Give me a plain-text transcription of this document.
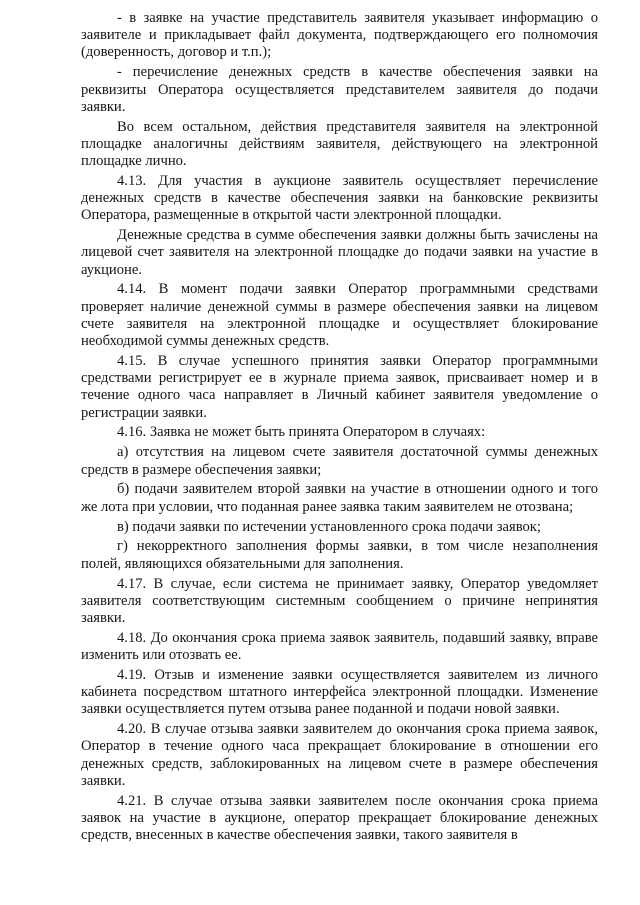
- в заявке на участие представитель заявителя указывает информацию о заявителе и прикладывает файл документа, подтверждающего его полномочия (доверенность, договор и т.п.);

- перечисление денежных средств в качестве обеспечения заявки на реквизиты Оператора осуществляется представителем заявителя до подачи заявки.

Во всем остальном, действия представителя заявителя на электронной площадке аналогичны действиям заявителя, действующего на электронной площадке лично.

4.13. Для участия в аукционе заявитель осуществляет перечисление денежных средств в качестве обеспечения заявки на банковские реквизиты Оператора, размещенные в открытой части электронной площадки.

Денежные средства в сумме обеспечения заявки должны быть зачислены на лицевой счет заявителя на электронной площадке до подачи заявки на участие в аукционе.

4.14. В момент подачи заявки Оператор программными средствами проверяет наличие денежной суммы в размере обеспечения заявки на лицевом счете заявителя на электронной площадке и осуществляет блокирование необходимой суммы денежных средств.

4.15. В случае успешного принятия заявки Оператор программными средствами регистрирует ее в журнале приема заявок, присваивает номер и в течение одного часа направляет в Личный кабинет заявителя уведомление о регистрации заявки.

4.16. Заявка не может быть принята Оператором в случаях:

а) отсутствия на лицевом счете заявителя достаточной суммы денежных средств в размере обеспечения заявки;

б) подачи заявителем второй заявки на участие в отношении одного и того же лота при условии, что поданная ранее заявка таким заявителем не отозвана;

в) подачи заявки по истечении установленного срока подачи заявок;

г) некорректного заполнения формы заявки, в том числе незаполнения полей, являющихся обязательными для заполнения.

4.17. В случае, если система не принимает заявку, Оператор уведомляет заявителя соответствующим системным сообщением о причине непринятия заявки.

4.18. До окончания срока приема заявок заявитель, подавший заявку, вправе изменить или отозвать ее.

4.19. Отзыв и изменение заявки осуществляется заявителем из личного кабинета посредством штатного интерфейса электронной площадки. Изменение заявки осуществляется путем отзыва ранее поданной и подачи новой заявки.

4.20. В случае отзыва заявки заявителем до окончания срока приема заявок, Оператор в течение одного часа прекращает блокирование в отношении его денежных средств, заблокированных на лицевом счете в размере обеспечения заявки.

4.21. В случае отзыва заявки заявителем после окончания срока приема заявок на участие в аукционе, оператор прекращает блокирование денежных средств, внесенных в качестве обеспечения заявки, такого заявителя в
